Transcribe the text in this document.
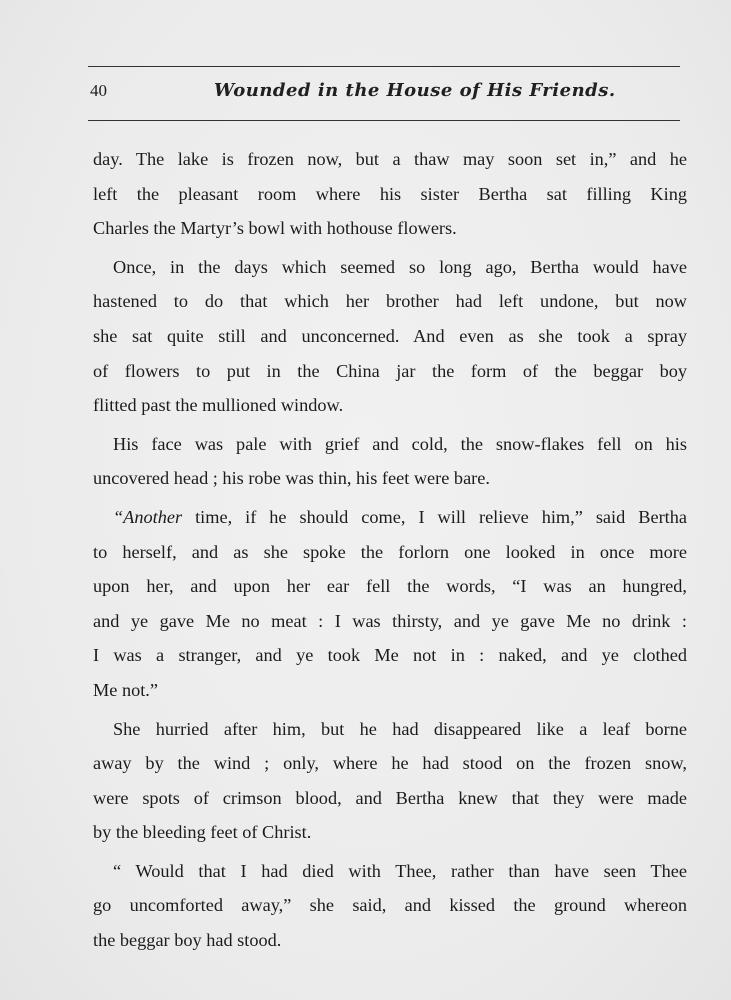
40	Wounded in the House of His Friends.
day. The lake is frozen now, but a thaw may soon set in,” and he
left the pleasant room where his sister Bertha sat filling King
Charles the Martyr’s bowl with hothouse flowers.
Once, in the days which seemed so long ago, Bertha would have
hastened to do that which her brother had left undone, but now
she sat quite still and unconcerned. And even as she took a spray
of flowers to put in the China jar the form of the beggar boy
flitted past the mullioned window.
His face was pale with grief and cold, the snow-flakes fell on his
uncovered head ; his robe was thin, his feet were bare.
“Another time, if he should come, I will relieve him,” said Bertha
to herself, and as she spoke the forlorn one looked in once more
upon her, and upon her ear fell the words, “I was an hungred,
and ye gave Me no meat : I was thirsty, and ye gave Me no drink :
I was a stranger, and ye took Me not in : naked, and ye clothed
Me not.”
She hurried after him, but he had disappeared like a leaf borne
away by the wind ; only, where he had stood on the frozen snow,
were spots of crimson blood, and Bertha knew that they were made
by the bleeding feet of Christ.
“ Would that I had died with Thee, rather than have seen Thee
go uncomforted away,” she said, and kissed the ground whereon
the beggar boy had stood.
